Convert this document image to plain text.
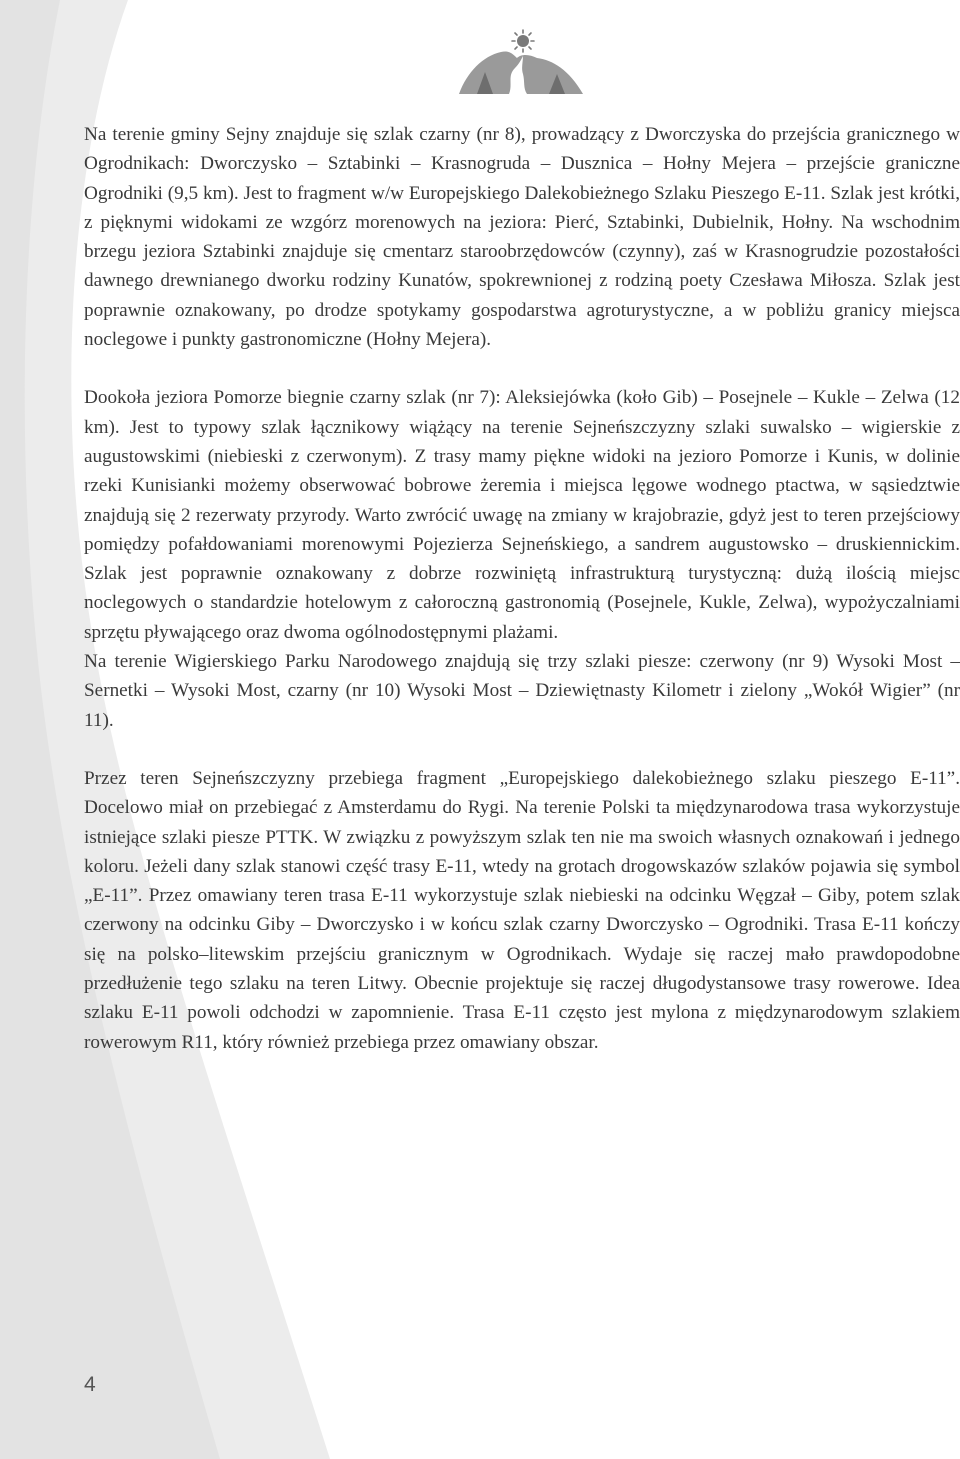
Na terenie gminy Sejny znajduje się szlak czarny (nr 8), prowadzący z Dworczyska do przejścia granicznego w Ogrodnikach: Dworczysko – Sztabinki – Krasnogruda – Dusznica – Hołny Mejera – przejście graniczne Ogrodniki (9,5 km). Jest to fragment w/w Europejskiego Dalekobieżnego Szlaku Pieszego E-11. Szlak jest krótki, z pięknymi widokami ze wzgórz morenowych na jeziora: Pierć, Sztabinki, Dubielnik, Hołny. Na wschodnim brzegu jeziora Sztabinki znajduje się cmentarz staroobrzędowców (czynny), zaś w Krasnogrudzie pozostałości dawnego drewnianego dworku rodziny Kunatów, spokrewnionej z rodziną poety Czesława Miłosza. Szlak jest poprawnie oznakowany, po drodze spotykamy gospodarstwa agroturystyczne, a w pobliżu granicy miejsca noclegowe i punkty gastronomiczne (Hołny Mejera).

Dookoła jeziora Pomorze biegnie czarny szlak (nr 7): Aleksiejówka (koło Gib) – Posejnele – Kukle – Zelwa (12 km). Jest to typowy szlak łącznikowy wiążący na terenie Sejneńszczyzny szlaki suwalsko – wigierskie z augustowskimi (niebieski z czerwonym). Z trasy mamy piękne widoki na jezioro Pomorze i Kunis, w dolinie rzeki Kunisianki możemy obserwować bobrowe żeremia i miejsca lęgowe wodnego ptactwa, w sąsiedztwie znajdują się 2 rezerwaty przyrody. Warto zwrócić uwagę na zmiany w krajobrazie, gdyż jest to teren przejściowy pomiędzy pofałdowaniami morenowymi Pojezierza Sejneńskiego, a sandrem augustowsko – druskiennickim. Szlak jest poprawnie oznakowany z dobrze rozwiniętą infrastrukturą turystyczną: dużą ilością miejsc noclegowych o standardzie hotelowym z całoroczną gastronomią (Posejnele, Kukle, Zelwa), wypożyczalniami sprzętu pływającego oraz dwoma ogólnodostępnymi plażami.

Na terenie Wigierskiego Parku Narodowego znajdują się trzy szlaki piesze: czerwony (nr 9) Wysoki Most – Sernetki – Wysoki Most, czarny (nr 10) Wysoki Most – Dziewiętnasty Kilometr i zielony „Wokół Wigier” (nr 11).

Przez teren Sejneńszczyzny przebiega fragment „Europejskiego dalekobieżnego szlaku pieszego E-11”. Docelowo miał on przebiegać z Amsterdamu do Rygi. Na terenie Polski ta międzynarodowa trasa wykorzystuje istniejące szlaki piesze PTTK. W związku z powyższym szlak ten nie ma swoich własnych oznakowań i jednego koloru. Jeżeli dany szlak stanowi część trasy E-11, wtedy na grotach drogowskazów szlaków pojawia się symbol „E-11”. Przez omawiany teren trasa E-11 wykorzystuje szlak niebieski na odcinku Węgzał – Giby, potem szlak czerwony na odcinku Giby – Dworczysko i w końcu szlak czarny Dworczysko – Ogrodniki. Trasa E-11 kończy się na polsko–litewskim przejściu granicznym w Ogrodnikach. Wydaje się raczej mało prawdopodobne przedłużenie tego szlaku na teren Litwy. Obecnie projektuje się raczej długodystansowe trasy rowerowe. Idea szlaku E-11 powoli odchodzi w zapomnienie. Trasa E-11 często jest mylona z międzynarodowym szlakiem rowerowym R11, który również przebiega przez omawiany obszar.

4
